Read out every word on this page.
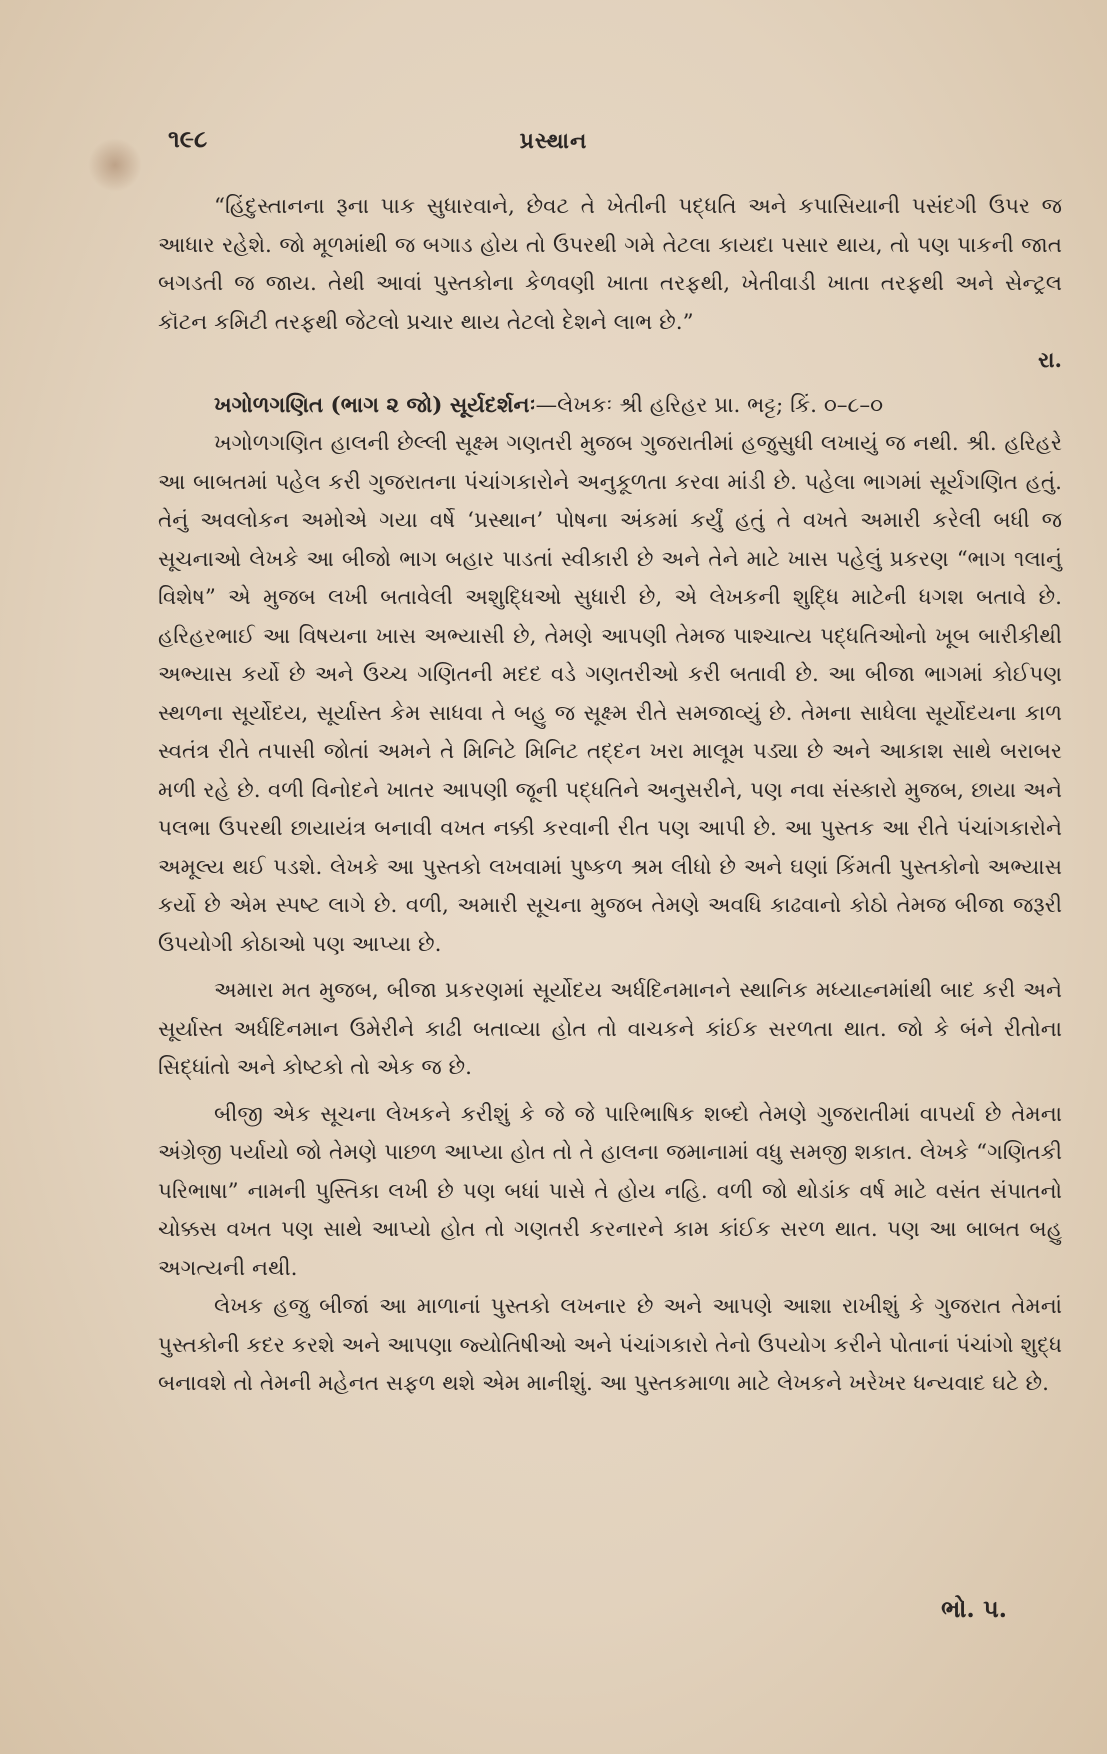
૧૯૮	પ્રસ્થાન

“હિંદુસ્તાનના રૂના પાક સુધારવાને, છેવટ તે ખેતીની પદ્ધતિ અને કપાસિયાની પસંદગી ઉપર જ આધાર રહેશે. જો મૂળમાંથી જ બગાડ હોય તો ઉપરથી ગમે તેટલા કાયદા પસાર થાય, તો પણ પાકની જાત બગડતી જ જાય. તેથી આવાં પુસ્તકોના કેળવણી ખાતા તરફથી, ખેતીવાડી ખાતા તરફથી અને સેન્ટ્રલ કૉટન કમિટી તરફથી જેટલો પ્રચાર થાય તેટલો દેશને લાભ છે.”

રા.

ખગોળગણિત (ભાગ ૨ જો) સૂર્યદર્શનઃ—લેખકઃ શ્રી હરિહર પ્રા. ભટ્ટ; કિં. ૦–૮–૦

ખગોળગણિત હાલની છેલ્લી સૂક્ષ્મ ગણતરી મુજબ ગુજરાતીમાં હજુસુધી લખાયું જ નથી. શ્રી. હરિહરે આ બાબતમાં પહેલ કરી ગુજરાતના પંચાંગકારોને અનુકૂળતા કરવા માંડી છે. પહેલા ભાગમાં સૂર્યગણિત હતું. તેનું અવલોકન અમોએ ગયા વર્ષે ‘પ્રસ્થાન’ પોષના અંકમાં કર્યું હતું તે વખતે અમારી કરેલી બધી જ સૂચનાઓ લેખકે આ બીજો ભાગ બહાર પાડતાં સ્વીકારી છે અને તેને માટે ખાસ પહેલું પ્રકરણ “ભાગ ૧લાનું વિશેષ” એ મુજબ લખી બતાવેલી અશુદ્ધિઓ સુધારી છે, એ લેખકની શુદ્ધિ માટેની ધગશ બતાવે છે. હરિહરભાઈ આ વિષયના ખાસ અભ્યાસી છે, તેમણે આપણી તેમજ પાશ્ચાત્ય પદ્ધતિઓનો ખૂબ બારીકીથી અભ્યાસ કર્યો છે અને ઉચ્ચ ગણિતની મદદ વડે ગણતરીઓ કરી બતાવી છે. આ બીજા ભાગમાં કોઈપણ સ્થળના સૂર્યોદય, સૂર્યાસ્ત કેમ સાધવા તે બહુ જ સૂક્ષ્મ રીતે સમજાવ્યું છે. તેમના સાધેલા સૂર્યોદયના કાળ સ્વતંત્ર રીતે તપાસી જોતાં અમને તે મિનિટે મિનિટ તદ્દન ખરા માલૂમ પડ્યા છે અને આકાશ સાથે બરાબર મળી રહે છે. વળી વિનોદને ખાતર આપણી જૂની પદ્ધતિને અનુસરીને, પણ નવા સંસ્કારો મુજબ, છાયા અને પલભા ઉપરથી છાયાયંત્ર બનાવી વખત નક્કી કરવાની રીત પણ આપી છે. આ પુસ્તક આ રીતે પંચાંગકારોને અમૂલ્ય થઈ પડશે. લેખકે આ પુસ્તકો લખવામાં પુષ્કળ શ્રમ લીધો છે અને ઘણાં કિંમતી પુસ્તકોનો અભ્યાસ કર્યો છે એમ સ્પષ્ટ લાગે છે. વળી, અમારી સૂચના મુજબ તેમણે અવધિ કાઢવાનો કોઠો તેમજ બીજા જરૂરી ઉપયોગી કોઠાઓ પણ આપ્યા છે.

અમારા મત મુજબ, બીજા પ્રકરણમાં સૂર્યોદય અર્ધદિનમાનને સ્થાનિક મધ્યાહ્નમાંથી બાદ કરી અને સૂર્યાસ્ત અર્ધદિનમાન ઉમેરીને કાઢી બતાવ્યા હોત તો વાચકને કાંઈક સરળતા થાત. જો કે બંને રીતોના સિદ્ધાંતો અને કોષ્ટકો તો એક જ છે.

બીજી એક સૂચના લેખકને કરીશું કે જે જે પારિભાષિક શબ્દો તેમણે ગુજરાતીમાં વાપર્યા છે તેમના અંગ્રેજી પર્યાયો જો તેમણે પાછળ આપ્યા હોત તો તે હાલના જમાનામાં વધુ સમજી શકાત. લેખકે “ગણિતકી પરિભાષા” નામની પુસ્તિકા લખી છે પણ બધાં પાસે તે હોય નહિ. વળી જો થોડાંક વર્ષ માટે વસંત સંપાતનો ચોક્કસ વખત પણ સાથે આપ્યો હોત તો ગણતરી કરનારને કામ કાંઈક સરળ થાત. પણ આ બાબત બહુ અગત્યની નથી.

લેખક હજુ બીજાં આ માળાનાં પુસ્તકો લખનાર છે અને આપણે આશા રાખીશું કે ગુજરાત તેમનાં પુસ્તકોની કદર કરશે અને આપણા જ્યોતિષીઓ અને પંચાંગકારો તેનો ઉપયોગ કરીને પોતાનાં પંચાંગો શુદ્ધ બનાવશે તો તેમની મહેનત સફળ થશે એમ માનીશું. આ પુસ્તકમાળા માટે લેખકને ખરેખર ધન્યવાદ ઘટે છે.

ભો. પ.
